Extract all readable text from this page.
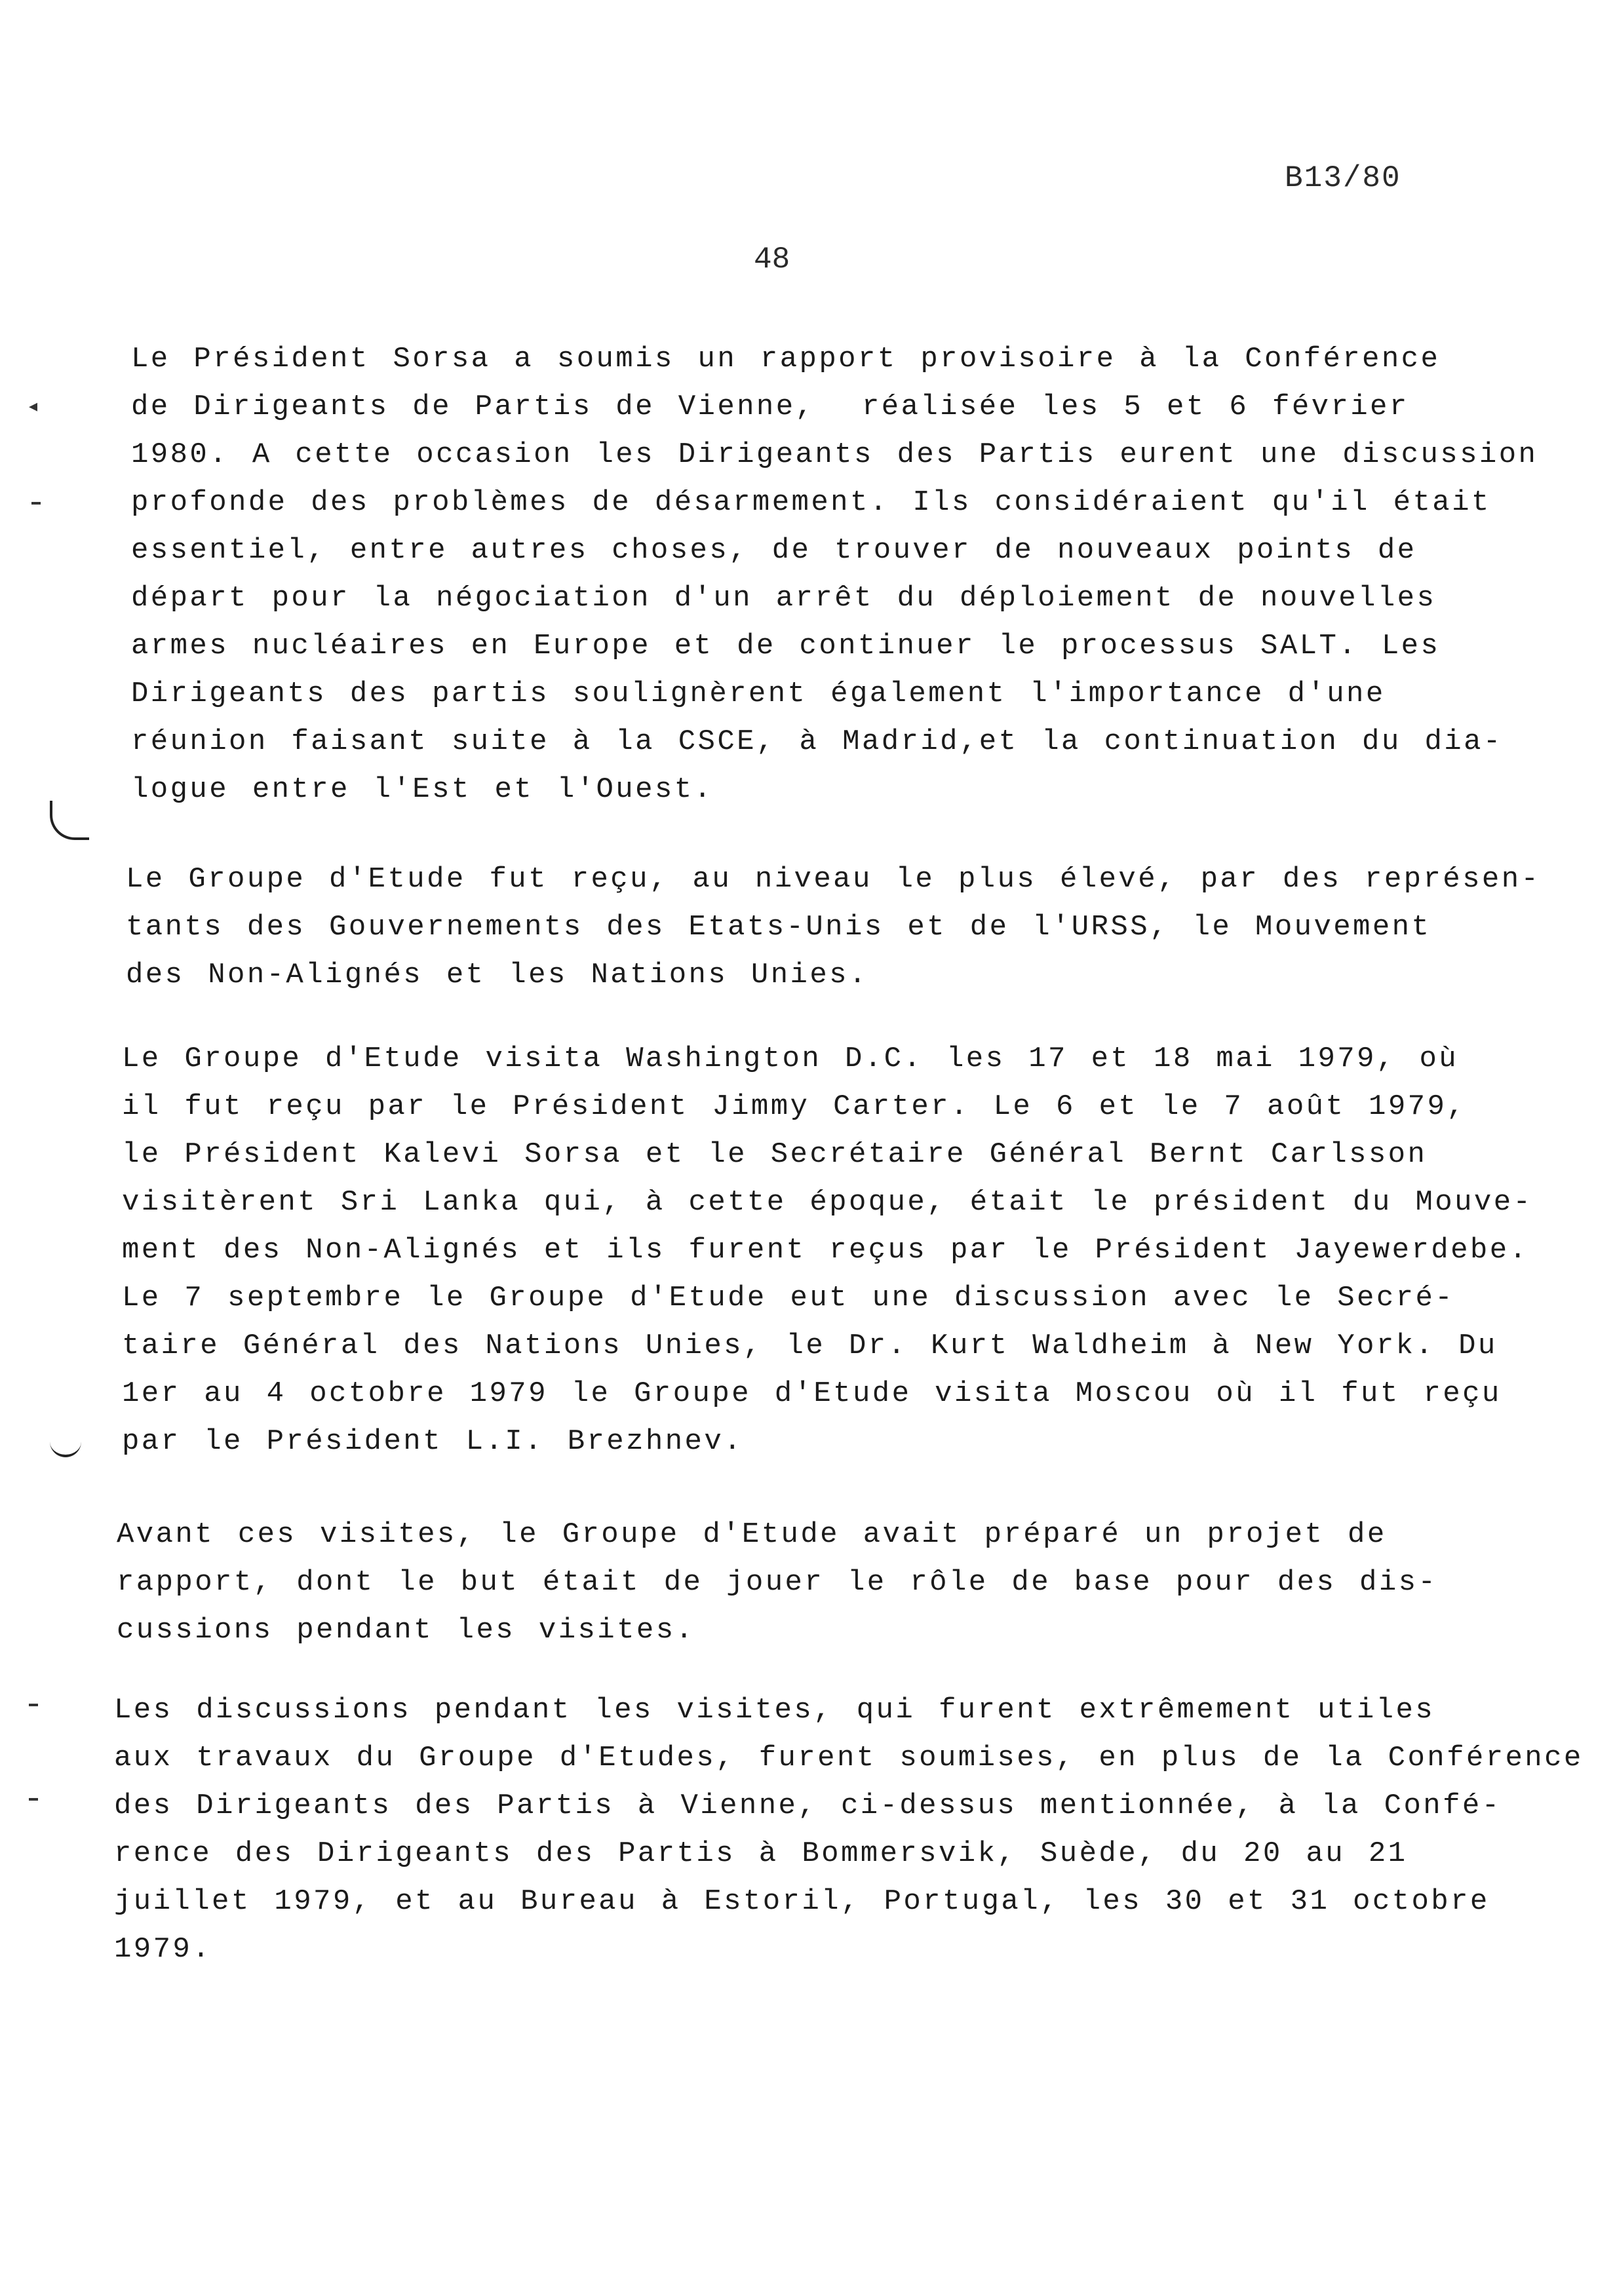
B13/80
48
◂
Le Président Sorsa a soumis un rapport provisoire à la Conférence
de Dirigeants de Partis de Vienne,  réalisée les 5 et 6 février
1980. A cette occasion les Dirigeants des Partis eurent une discussion
profonde des problèmes de désarmement. Ils considéraient qu'il était
essentiel, entre autres choses, de trouver de nouveaux points de
départ pour la négociation d'un arrêt du déploiement de nouvelles
armes nucléaires en Europe et de continuer le processus SALT. Les
Dirigeants des partis soulignèrent également l'importance d'une
réunion faisant suite à la CSCE, à Madrid,et la continuation du dia-
logue entre l'Est et l'Ouest.
Le Groupe d'Etude fut reçu, au niveau le plus élevé, par des représen-
tants des Gouvernements des Etats-Unis et de l'URSS, le Mouvement
des Non-Alignés et les Nations Unies.
Le Groupe d'Etude visita Washington D.C. les 17 et 18 mai 1979, où
il fut reçu par le Président Jimmy Carter. Le 6 et le 7 août 1979,
le Président Kalevi Sorsa et le Secrétaire Général Bernt Carlsson
visitèrent Sri Lanka qui, à cette époque, était le président du Mouve-
ment des Non-Alignés et ils furent reçus par le Président Jayewerdebe.
Le 7 septembre le Groupe d'Etude eut une discussion avec le Secré-
taire Général des Nations Unies, le Dr. Kurt Waldheim à New York. Du
1er au 4 octobre 1979 le Groupe d'Etude visita Moscou où il fut reçu
par le Président L.I. Brezhnev.
Avant ces visites, le Groupe d'Etude avait préparé un projet de
rapport, dont le but était de jouer le rôle de base pour des dis-
cussions pendant les visites.
Les discussions pendant les visites, qui furent extrêmement utiles
aux travaux du Groupe d'Etudes, furent soumises, en plus de la Conférence
des Dirigeants des Partis à Vienne, ci-dessus mentionnée, à la Confé-
rence des Dirigeants des Partis à Bommersvik, Suède, du 20 au 21
juillet 1979, et au Bureau à Estoril, Portugal, les 30 et 31 octobre
1979.
